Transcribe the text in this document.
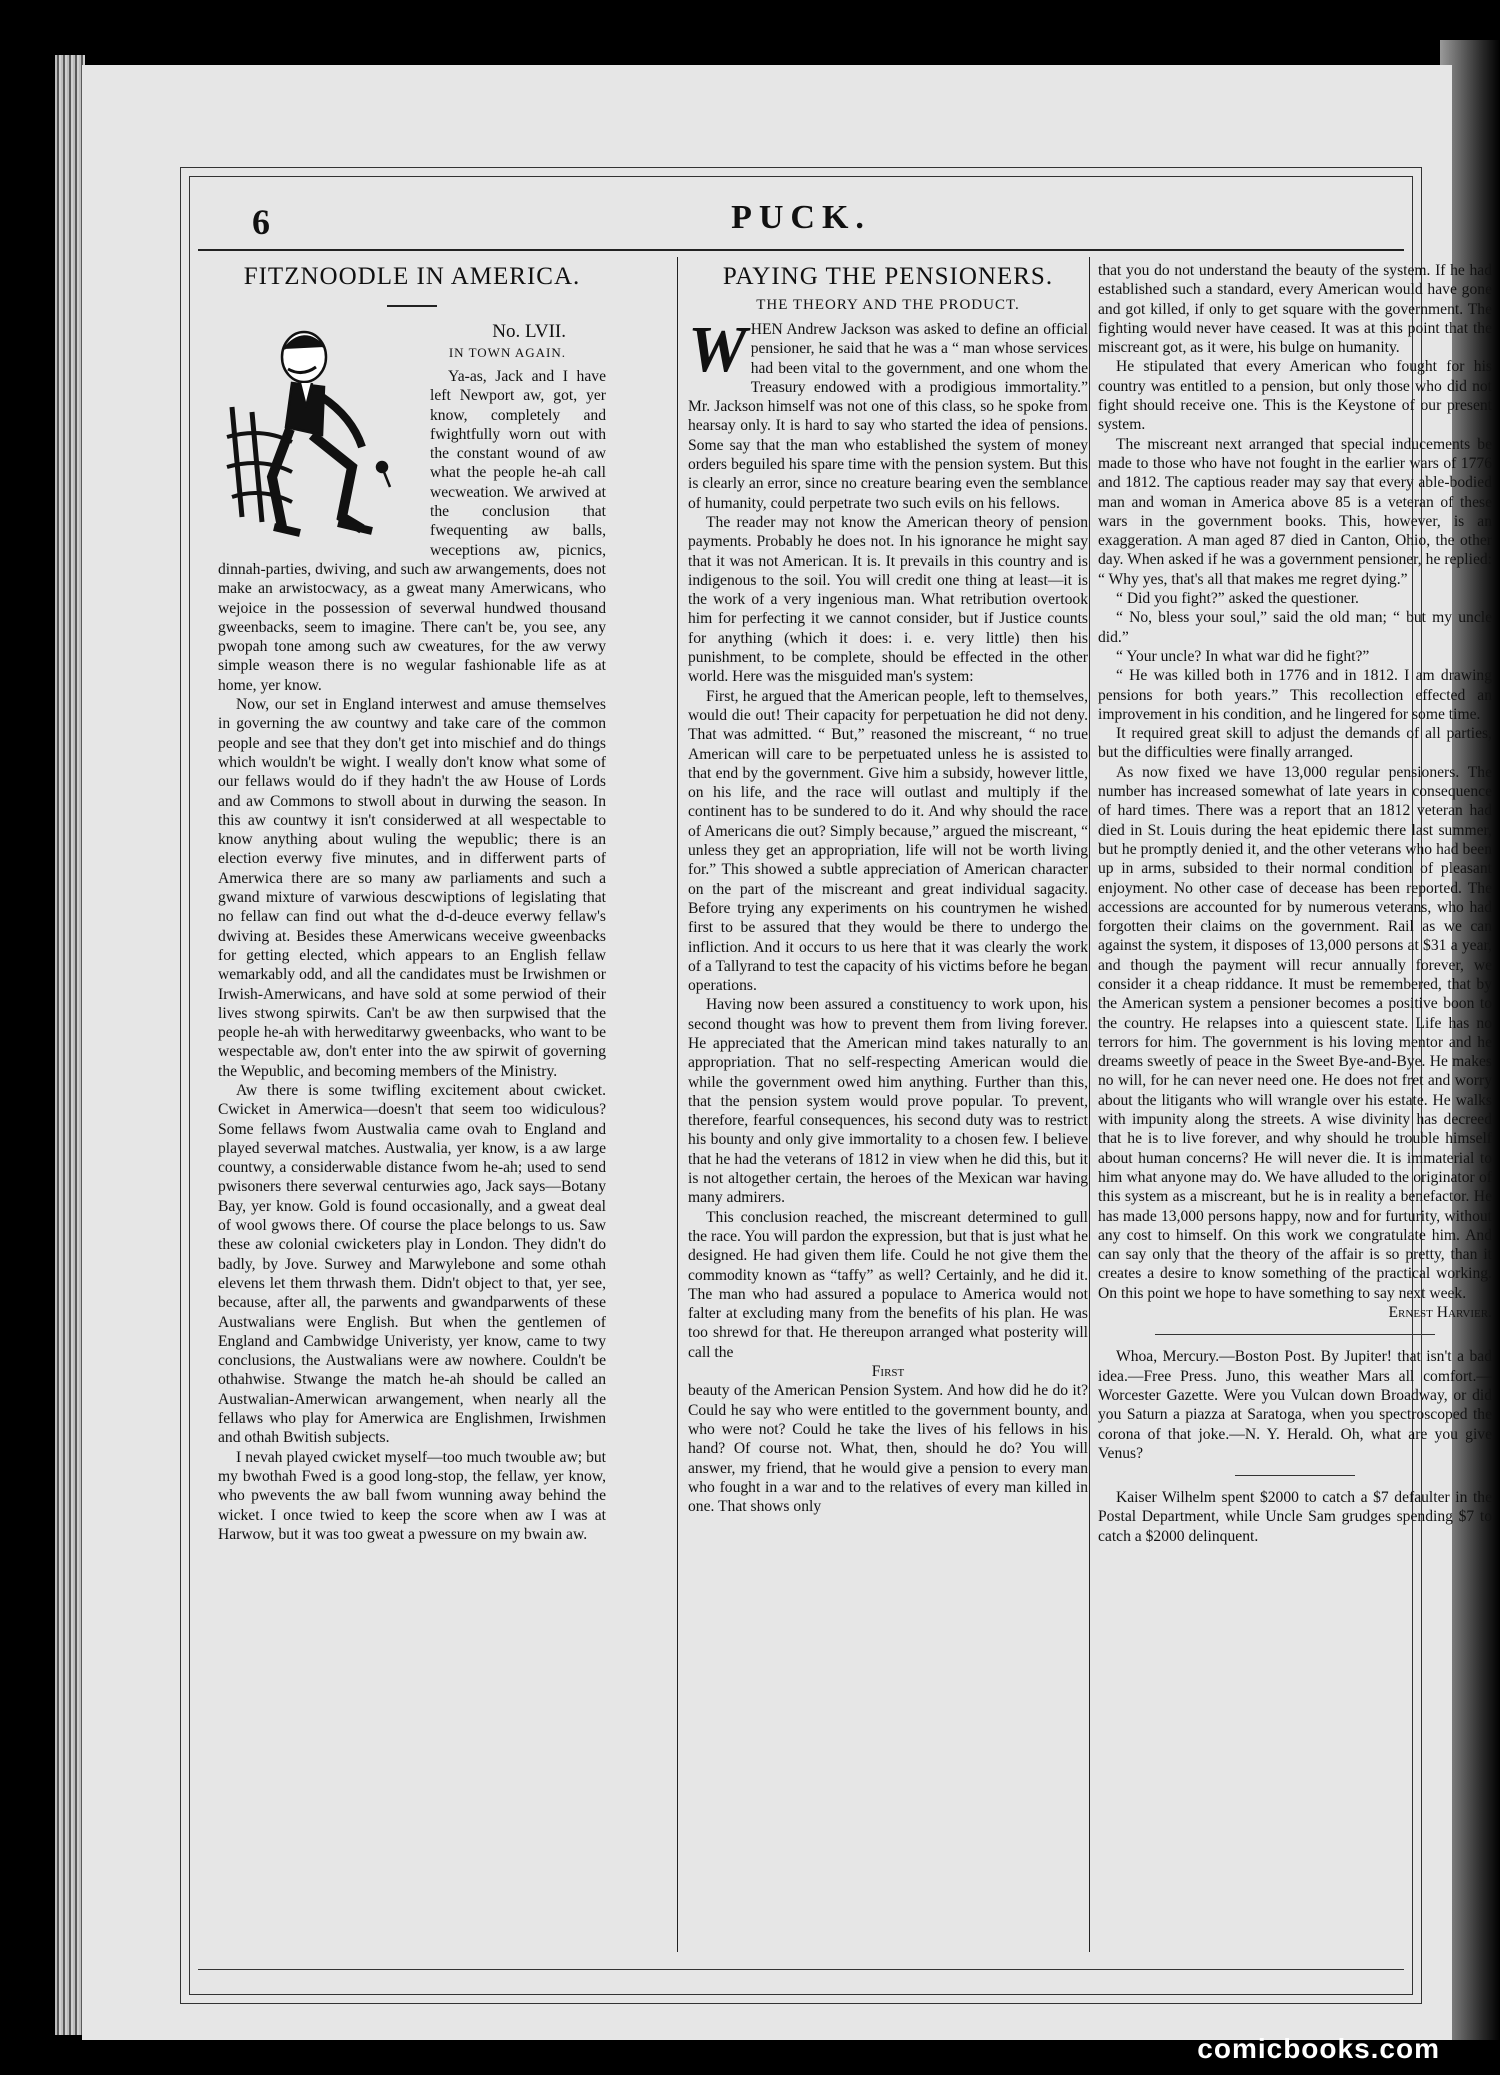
6	PUCK.
FITZNOODLE IN AMERICA.
No. LVII.
IN TOWN AGAIN.

Ya-as, Jack and I have left Newport aw, got, yer know, completely and fwightfully worn out with the constant wound of aw what the people he-ah call wecweation. We arwived at the conclusion that fwequenting aw balls, weceptions aw, picnics, dinnah-parties, dwiving, and such aw arwangements, does not make an arwistocwacy, as a gweat many Amerwicans, who wejoice in the possession of severwal hundwed thousand gweenbacks, seem to imagine. There can't be, you see, any pwopah tone among such aw cweatures, for the aw verwy simple weason there is no wegular fashionable life as at home, yer know.

Now, our set in England interwest and amuse themselves in governing the aw countwy and take care of the common people and see that they don't get into mischief and do things which wouldn't be wight. I weally don't know what some of our fellaws would do if they hadn't the aw House of Lords and aw Commons to stwoll about in durwing the season. In this aw countwy it isn't considerwed at all wespectable to know anything about wuling the wepublic; there is an election everwy five minutes, and in differwent parts of Amerwica there are so many aw parliaments and such a gwand mixture of varwious descwiptions of legislating that no fellaw can find out what the d-d-deuce everwy fellaw's dwiving at. Besides these Amerwicans weceive gweenbacks for getting elected, which appears to an English fellaw wemarkably odd, and all the candidates must be Irwishmen or Irwish-Amerwicans, and have sold at some perwiod of their lives stwong spirwits. Can't be aw then surpwised that the people he-ah with herweditarwy gweenbacks, who want to be wespectable aw, don't enter into the aw spirwit of governing the Wepublic, and becoming members of the Ministry.

Aw there is some twifling excitement about cwicket. Cwicket in Amerwica—doesn't that seem too widiculous? Some fellaws fwom Austwalia came ovah to England and played severwal matches. Austwalia, yer know, is a aw large countwy, a considerwable distance fwom he-ah; used to send pwisoners there severwal centurwies ago, Jack says—Botany Bay, yer know. Gold is found occasionally, and a gweat deal of wool gwows there. Of course the place belongs to us. Saw these aw colonial cwicketers play in London. They didn't do badly, by Jove. Surwey and Marwylebone and some othah elevens let them thrwash them. Didn't object to that, yer see, because, after all, the parwents and gwandparwents of these Austwalians were English. But when the gentlemen of England and Cambwidge Univeristy, yer know, came to twy conclusions, the Austwalians were aw nowhere. Couldn't be othahwise. Stwange the match he-ah should be called an Austwalian-Amerwican arwangement, when nearly all the fellaws who play for Amerwica are Englishmen, Irwishmen and othah Bwitish subjects.

I nevah played cwicket myself—too much twouble aw; but my bwothah Fwed is a good long-stop, the fellaw, yer know, who pwevents the aw ball fwom wunning away behind the wicket. I once twied to keep the score when aw I was at Harwow, but it was too gweat a pwessure on my bwain aw.

PAYING THE PENSIONERS.
THE THEORY AND THE PRODUCT.

WHEN Andrew Jackson was asked to define an official pensioner, he said that he was a “ man whose services had been vital to the government, and one whom the Treasury endowed with a prodigious immortality.” Mr. Jackson himself was not one of this class, so he spoke from hearsay only. It is hard to say who started the idea of pensions. Some say that the man who established the system of money orders beguiled his spare time with the pension system. But this is clearly an error, since no creature bearing even the semblance of humanity, could perpetrate two such evils on his fellows.

The reader may not know the American theory of pension payments. Probably he does not. In his ignorance he might say that it was not American. It is. It prevails in this country and is indigenous to the soil. You will credit one thing at least—it is the work of a very ingenious man. What retribution overtook him for perfecting it we cannot consider, but if Justice counts for anything (which it does: i. e. very little) then his punishment, to be complete, should be effected in the other world. Here was the misguided man's system:

First, he argued that the American people, left to themselves, would die out! Their capacity for perpetuation he did not deny. That was admitted. “ But,” reasoned the miscreant, “ no true American will care to be perpetuated unless he is assisted to that end by the government. Give him a subsidy, however little, on his life, and the race will outlast and multiply if the continent has to be sundered to do it. And why should the race of Americans die out? Simply because,” argued the miscreant, “ unless they get an appropriation, life will not be worth living for.” This showed a subtle appreciation of American character on the part of the miscreant and great individual sagacity. Before trying any experiments on his countrymen he wished first to be assured that they would be there to undergo the infliction. And it occurs to us here that it was clearly the work of a Tallyrand to test the capacity of his victims before he began operations.

Having now been assured a constituency to work upon, his second thought was how to prevent them from living forever. He appreciated that the American mind takes naturally to an appropriation. That no self-respecting American would die while the government owed him anything. Further than this, that the pension system would prove popular. To prevent, therefore, fearful consequences, his second duty was to restrict his bounty and only give immortality to a chosen few. I believe that he had the veterans of 1812 in view when he did this, but it is not altogether certain, the heroes of the Mexican war having many admirers.

This conclusion reached, the miscreant determined to gull the race. You will pardon the expression, but that is just what he designed. He had given them life. Could he not give them the commodity known as “taffy” as well? Certainly, and he did it. The man who had assured a populace to America would not falter at excluding many from the benefits of his plan. He was too shrewd for that. He thereupon arranged what posterity will call the

First

beauty of the American Pension System. And how did he do it? Could he say who were entitled to the government bounty, and who were not? Could he take the lives of his fellows in his hand? Of course not. What, then, should he do? You will answer, my friend, that he would give a pension to every man who fought in a war and to the relatives of every man killed in one. That shows only

that you do not understand the beauty of the system. If he had established such a standard, every American would have gone and got killed, if only to get square with the government. The fighting would never have ceased. It was at this point that the miscreant got, as it were, his bulge on humanity.

He stipulated that every American who fought for his country was entitled to a pension, but only those who did not fight should receive one. This is the Keystone of our present system.

The miscreant next arranged that special inducements be made to those who have not fought in the earlier wars of 1776 and 1812. The captious reader may say that every able-bodied man and woman in America above 85 is a veteran of these wars in the government books. This, however, is an exaggeration. A man aged 87 died in Canton, Ohio, the other day. When asked if he was a government pensioner, he replied: “ Why yes, that's all that makes me regret dying.”

“ Did you fight?” asked the questioner.

“ No, bless your soul,” said the old man; “ but my uncle did.”

“ Your uncle? In what war did he fight?”

“ He was killed both in 1776 and in 1812. I am drawing pensions for both years.” This recollection effected an improvement in his condition, and he lingered for some time.

It required great skill to adjust the demands of all parties, but the difficulties were finally arranged.

As now fixed we have 13,000 regular pensioners. The number has increased somewhat of late years in consequence of hard times. There was a report that an 1812 veteran had died in St. Louis during the heat epidemic there last summer, but he promptly denied it, and the other veterans who had been up in arms, subsided to their normal condition of pleasant enjoyment. No other case of decease has been reported. The accessions are accounted for by numerous veterans, who had forgotten their claims on the government. Rail as we can against the system, it disposes of 13,000 persons at $31 a year, and though the payment will recur annually forever, we consider it a cheap riddance. It must be remembered, that by the American system a pensioner becomes a positive boon to the country. He relapses into a quiescent state. Life has no terrors for him. The government is his loving mentor and he dreams sweetly of peace in the Sweet Bye-and-Bye. He makes no will, for he can never need one. He does not fret and worry about the litigants who will wrangle over his estate. He walks with impunity along the streets. A wise divinity has decreed that he is to live forever, and why should he trouble himself about human concerns? He will never die. It is immaterial to him what anyone may do. We have alluded to the originator of this system as a miscreant, but he is in reality a benefactor. He has made 13,000 persons happy, now and for furturity, without any cost to himself. On this work we congratulate him. And can say only that the theory of the affair is so pretty, than it creates a desire to know something of the practical working. On this point we hope to have something to say next week.

Ernest Harvier.

Whoa, Mercury.—Boston Post. By Jupiter! that isn't a bad idea.—Free Press. Juno, this weather Mars all comfort.—Worcester Gazette. Were you Vulcan down Broadway, or did you Saturn a piazza at Saratoga, when you spectroscoped the corona of that joke.—N. Y. Herald. Oh, what are you give Venus?

Kaiser Wilhelm spent $2000 to catch a $7 defaulter in the Postal Department, while Uncle Sam grudges spending $7 to catch a $2000 delinquent.

comicbooks.com
